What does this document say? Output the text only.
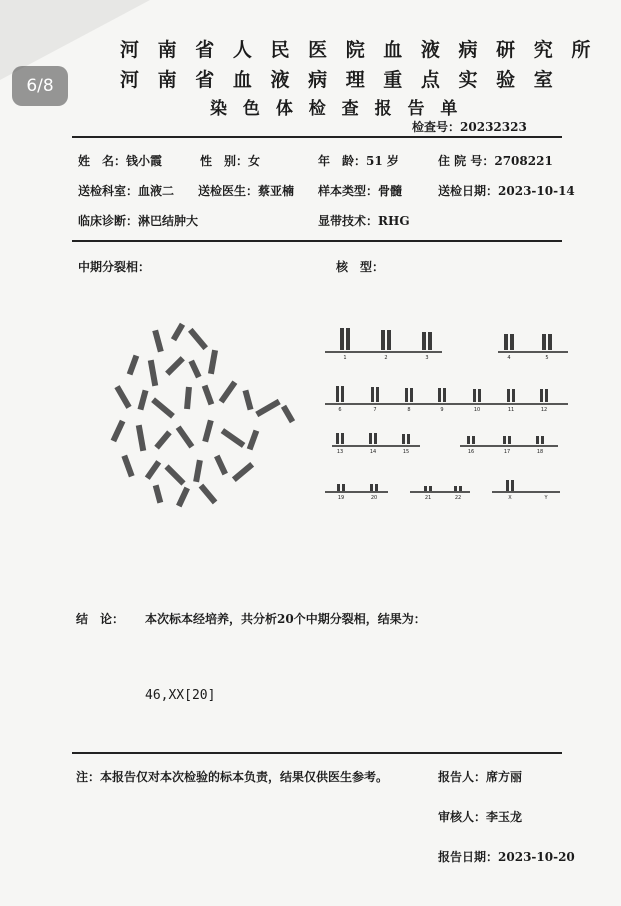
6/8
河 南 省 人 民 医 院 血 液 病 研 究 所
河 南 省 血 液 病 理 重 点 实 验 室
染 色 体 检 查 报 告 单
检查号：20232323
姓　名：钱小霞	性　别：女	年　龄：51 岁	住 院 号：2708221
送检科室：血液二 送检医生：蔡亚楠 样本类型：骨髓	送检日期：2023-10-14
临床诊断：淋巴结肿大	显带技术：RHG
中期分裂相：	核　型：
1	2	3	4	5
6	7	8	9	10	11	12
13	14	15	16	17	18
19	20	21	22	X	Y
结　论： 本次标本经培养，共分析20个中期分裂相，结果为：
46,XX[20]
注：本报告仅对本次检验的标本负责，结果仅供医生参考。	报告人：席方丽
审核人：李玉龙
报告日期：2023-10-20
